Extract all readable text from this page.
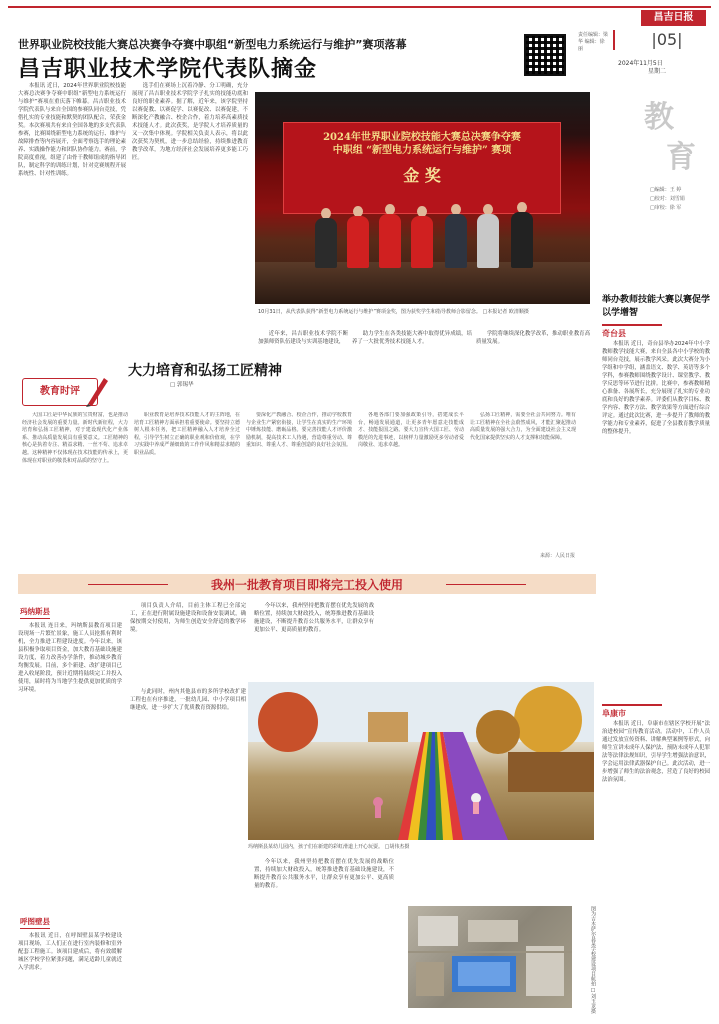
昌吉日报
|05|
责任编辑：梁华 编辑：徐丽
2024年11月5日
星期二
世界职业院校技能大赛总决赛争夺赛中职组“新型电力系统运行与维护”赛项落幕
昌吉职业技术学院代表队摘金
教
育
□编辑：王 婷
□校对：刘雪娟
□审校：徐 军
2024年世界职业院校技能大赛总决赛争夺赛
中职组 “新型电力系统运行与维护” 赛项
金 奖
10月31日，从代表队获得“新型电力系统运行与维护”赛项金奖，图为获奖学生和指导教师合影留念。 □本报记者 欧清顺摄

本报讯 近日，2024年世界职业院校技能大赛总决赛争夺赛中职组“新型电力系统运行与维护”赛项在重庆落下帷幕。昌吉职业技术学院代表队与来自全国的参赛队同台竞技，凭借扎实的专业技能和默契的团队配合，荣获金奖。本次赛项共有来自全国各地的多支代表队参赛，比赛围绕新型电力系统的运行、维护与故障排查等内容展开，全面考察选手的理论素养、实践操作能力和团队协作能力。赛前，学院高度重视，组建了由骨干教师组成的指导团队，制定科学的训练计划，针对竞赛规程开展系统性、针对性训练。

选手们在赛场上沉着冷静、分工明确，充分展现了昌吉职业技术学院学子扎实的技能功底和良好的职业素养。据了解，近年来，该学院坚持以赛促教、以赛促学、以赛促改、以赛促建，不断深化产教融合、校企合作，着力培养高素质技术技能人才。此次获奖，是学院人才培养质量的又一次集中体现。学院相关负责人表示，将以此次获奖为契机，进一步总结经验，持续推进教育教学改革，为地方经济社会发展培养更多能工巧匠。

近年来，昌吉职业技术学院不断加强师资队伍建设与实训基地建设，

助力学生在各类技能大赛中取得优异成绩，培养了一大批优秀技术技能人才。

学院将继续深化教学改革，推动职业教育高质量发展。

举办教师技能大赛以赛促学以学增智
奇台县

本报讯 近日，奇台县举办2024年中小学教师教学技能大赛，来自全县各中小学校的教师同台竞技，展示教学风采。此次大赛分为小学组和中学组，涵盖语文、数学、英语等多个学科，参赛教师围绕教学设计、课堂教学、教学反思等环节进行比拼。比赛中，参赛教师精心准备、各展所长，充分展现了扎实的专业功底和良好的教学素养。评委们从教学目标、教学内容、教学方法、教学效果等方面进行综合评定。通过此次比赛，进一步提升了教师的教学能力和专业素养，促进了全县教育教学质量的整体提升。

阜康市

本报讯 近日，阜康市在辖区学校开展“法治进校园”宣传教育活动。活动中，工作人员通过发放宣传资料、讲解典型案例等形式，向师生宣讲未成年人保护法、预防未成年人犯罪法等法律法规知识，引导学生增强法治意识，学会运用法律武器保护自己。此次活动，进一步增强了师生的法治观念，营造了良好的校园法治氛围。

教育时评
大力培育和弘扬工匠精神
□ 郭锡华

大国工匠是中华民族的宝贵财富，也是推动经济社会发展的重要力量。新时代新征程，大力培育和弘扬工匠精神，对于建设现代化产业体系、推动高质量发展具有重要意义。工匠精神的核心是执着专注、精益求精、一丝不苟、追求卓越。这种精神不仅体现在技术技能的传承上，更体现在对职业的敬畏和对品质的坚守上。

职业教育是培养技术技能人才的主阵地，在培育工匠精神方面承担着重要使命。要坚持立德树人根本任务，把工匠精神融入人才培养全过程，引导学生树立正确的职业观和价值观，在学习实践中养成严谨细致的工作作风和精益求精的职业品质。

要深化产教融合、校企合作，推动学校教育与企业生产紧密衔接，让学生在真实的生产环境中锤炼技能、磨砺品格。要完善技能人才评价激励机制，提高技术工人待遇，营造尊重劳动、尊重知识、尊重人才、尊重创造的良好社会氛围。

各地各部门要加强政策引导，搭建成长平台，畅通发展通道，让更多青年愿意走技能成才、技能报国之路。要大力宣传大国工匠、劳动模范的先进事迹，以榜样力量激励更多劳动者爱岗敬业、追求卓越。

弘扬工匠精神，需要全社会共同努力。唯有让工匠精神在全社会蔚然成风，才能汇聚起推动高质量发展的强大合力，为全面建设社会主义现代化国家提供坚实的人才支撑和技能保障。

来源：人民日报
我州一批教育项目即将完工投入使用
玛纳斯县

本报讯 连日来，玛纳斯县教育项目建设现场一片繁忙景象，施工人员抢抓有利时机，全力推进工程建设进度。今年以来，该县积极争取项目资金，加大教育基础设施建设力度，着力改善办学条件，推动城乡教育均衡发展。目前，多个新建、改扩建项目已进入收尾阶段，预计近期将陆续完工并投入使用，届时将为当地学生提供更加优质的学习环境。

项目负责人介绍，目前主体工程已全部完工，正在进行附属设施建设和设备安装调试，确保按期交付使用，为师生创造安全舒适的教学环境。

与此同时，州内其他县市的多所学校改扩建工程也在有序推进，一批幼儿园、中小学项目相继建成，进一步扩大了优质教育资源供给。

今年以来，我州坚持把教育摆在优先发展的战略位置，持续加大财政投入，统筹推进教育基础设施建设，不断提升教育公共服务水平，让群众享有更加公平、更高质量的教育。

呼图壁县

本报讯 近日，在呼图壁县某学校建设项目现场，工人们正在进行室内装修和室外配套工程施工。该项目建成后，将有效缓解城区学校学位紧张问题，满足适龄儿童就近入学需求。

今年以来，我州坚持把教育摆在优先发展的战略位置，持续加大财政投入，统筹推进教育基础设施建设，不断提升教育公共服务水平，让群众享有更加公平、更高质量的教育。

玛纳斯县某幼儿园内，孩子们在新建的彩虹滑道上开心玩耍。 □胡伟杰摄
图为吉木萨尔县某学校建设项目航拍 □刘玉龙摄
